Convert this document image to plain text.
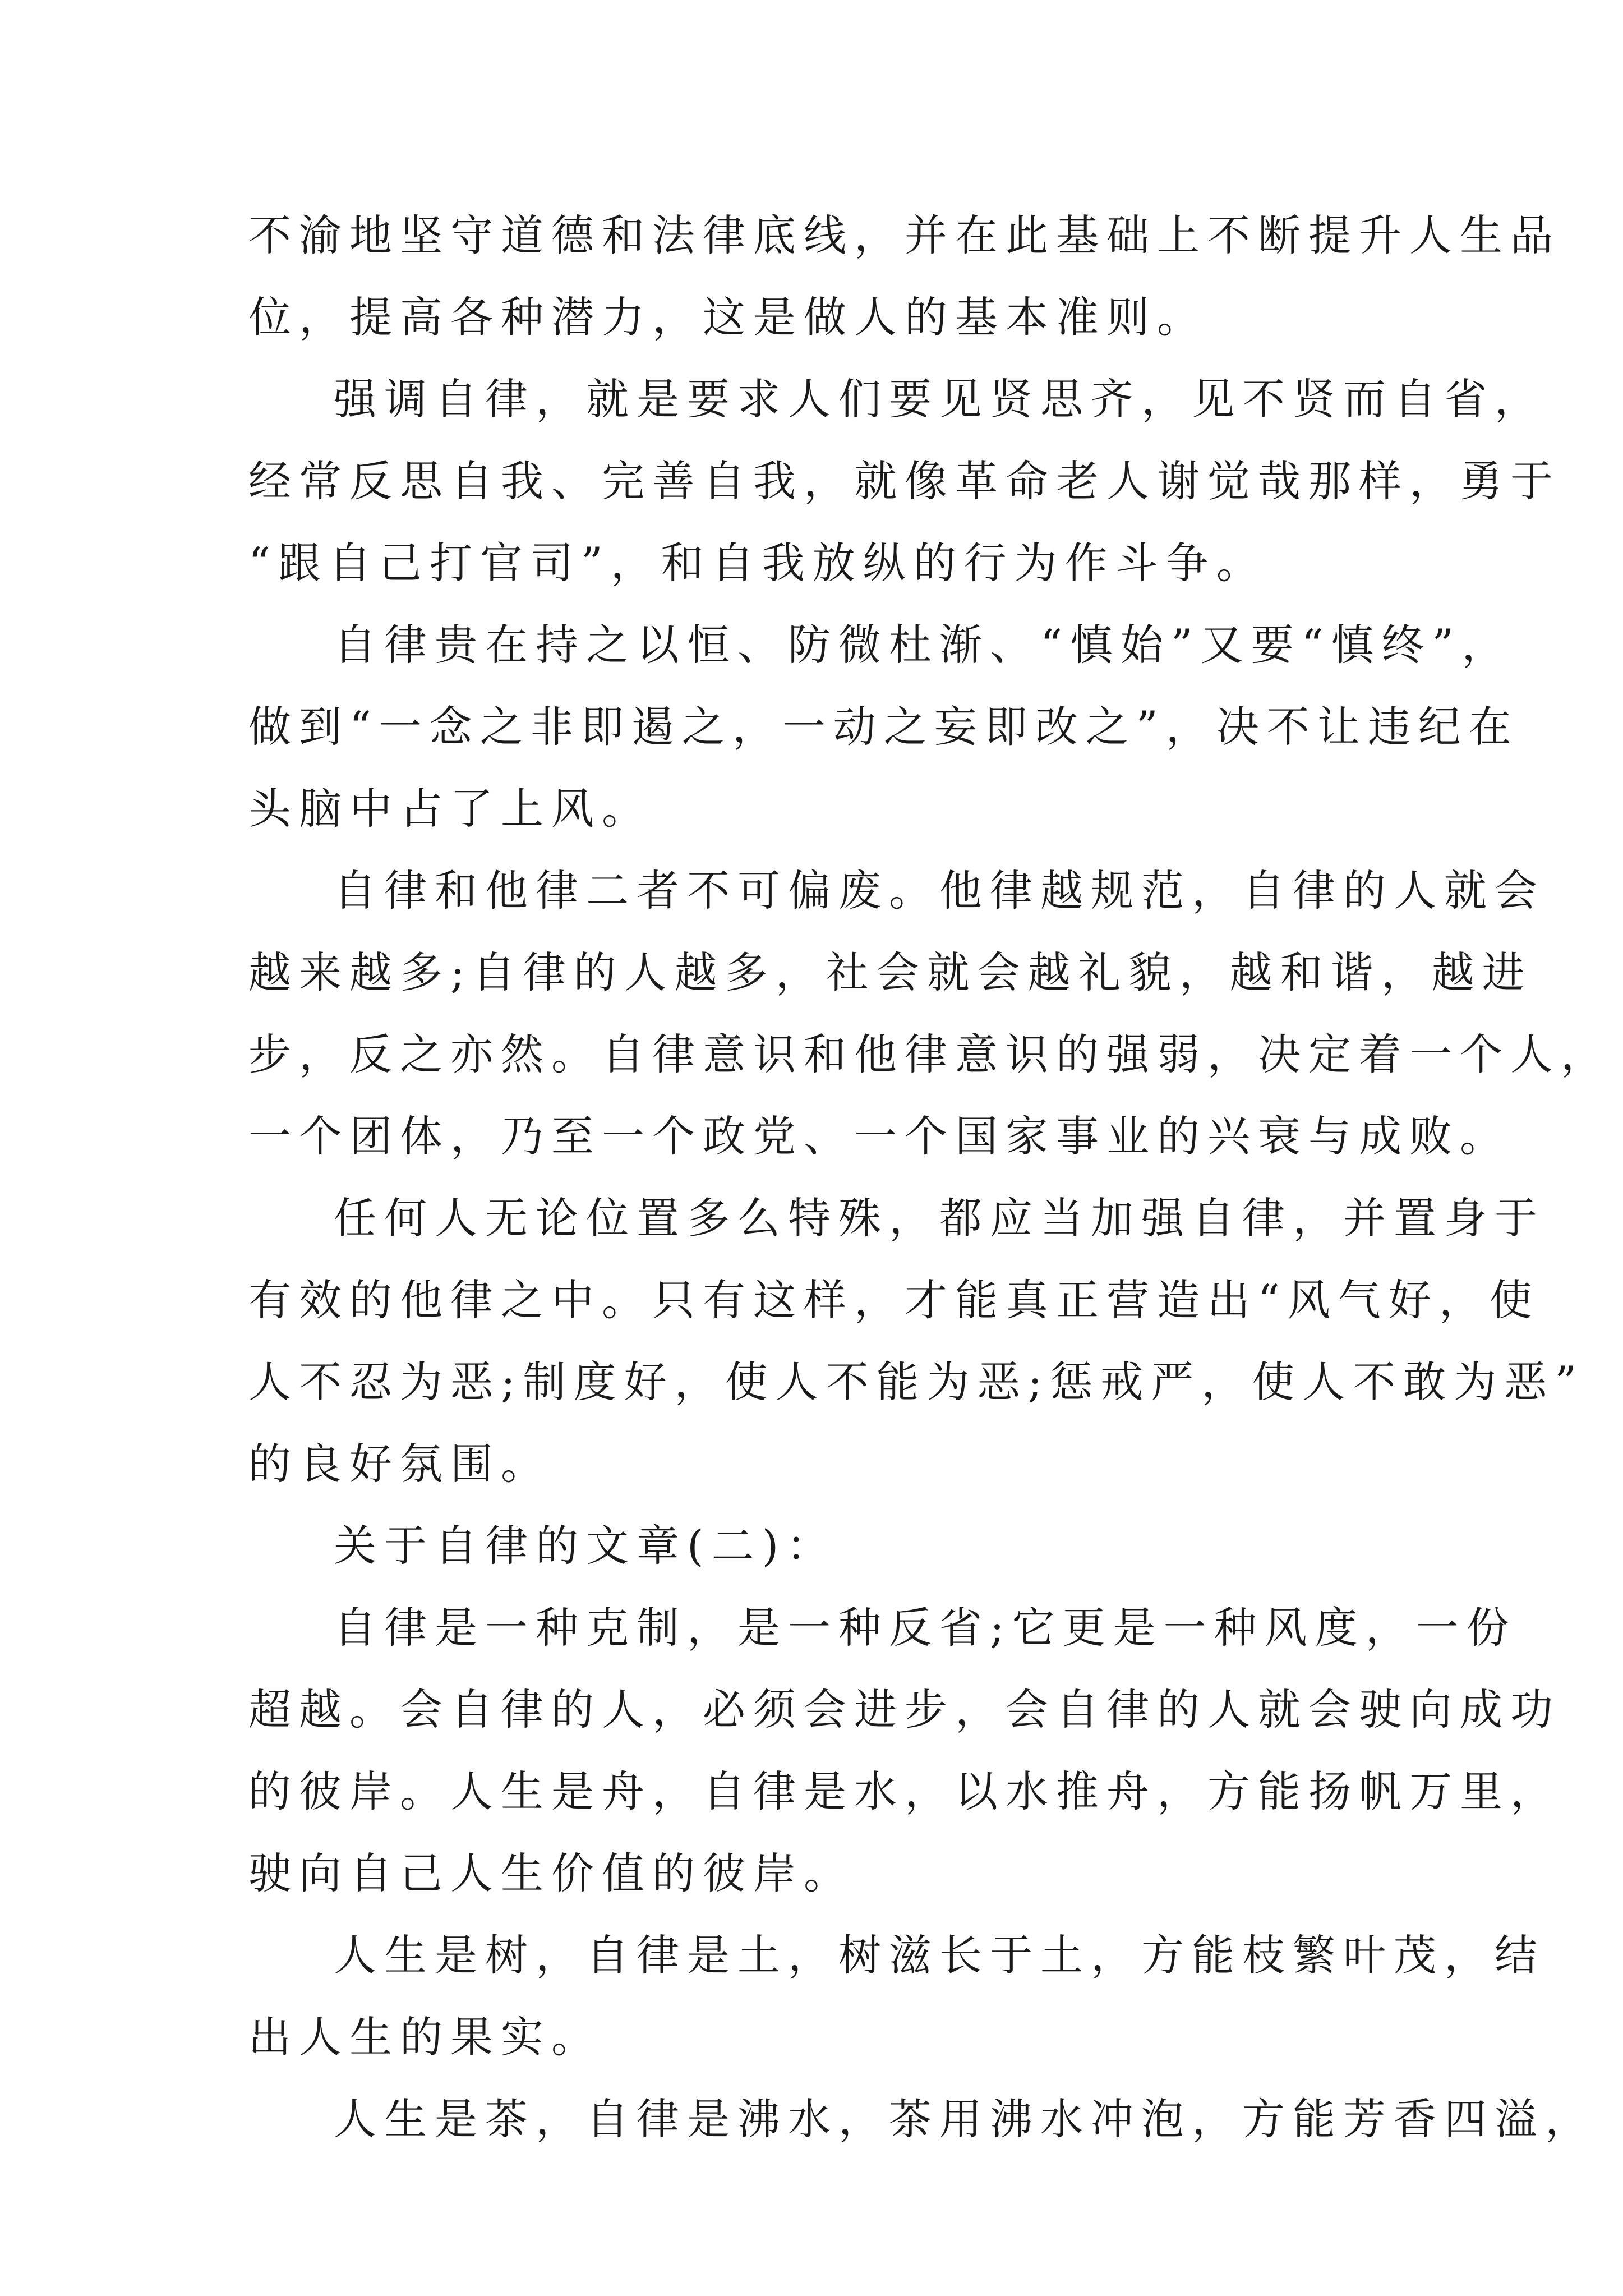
不渝地坚守道德和法律底线，并在此基础上不断提升人生品
位，提高各种潜力，这是做人的基本准则。
强调自律，就是要求人们要见贤思齐，见不贤而自省，
经常反思自我、完善自我，就像革命老人谢觉哉那样，勇于
“跟自己打官司”，和自我放纵的行为作斗争。
自律贵在持之以恒、防微杜渐、“慎始”又要“慎终”，
做到“一念之非即遏之，一动之妄即改之”，决不让违纪在
头脑中占了上风。
自律和他律二者不可偏废。他律越规范，自律的人就会
越来越多;自律的人越多，社会就会越礼貌，越和谐，越进
步，反之亦然。自律意识和他律意识的强弱，决定着一个人，
一个团体，乃至一个政党、一个国家事业的兴衰与成败。
任何人无论位置多么特殊，都应当加强自律，并置身于
有效的他律之中。只有这样，才能真正营造出“风气好，使
人不忍为恶;制度好，使人不能为恶;惩戒严，使人不敢为恶”
的良好氛围。
关于自律的文章(二)：
自律是一种克制，是一种反省;它更是一种风度，一份
超越。会自律的人，必须会进步，会自律的人就会驶向成功
的彼岸。人生是舟，自律是水，以水推舟，方能扬帆万里，
驶向自己人生价值的彼岸。
人生是树，自律是土，树滋长于土，方能枝繁叶茂，结
出人生的果实。
人生是茶，自律是沸水，茶用沸水冲泡，方能芳香四溢，
